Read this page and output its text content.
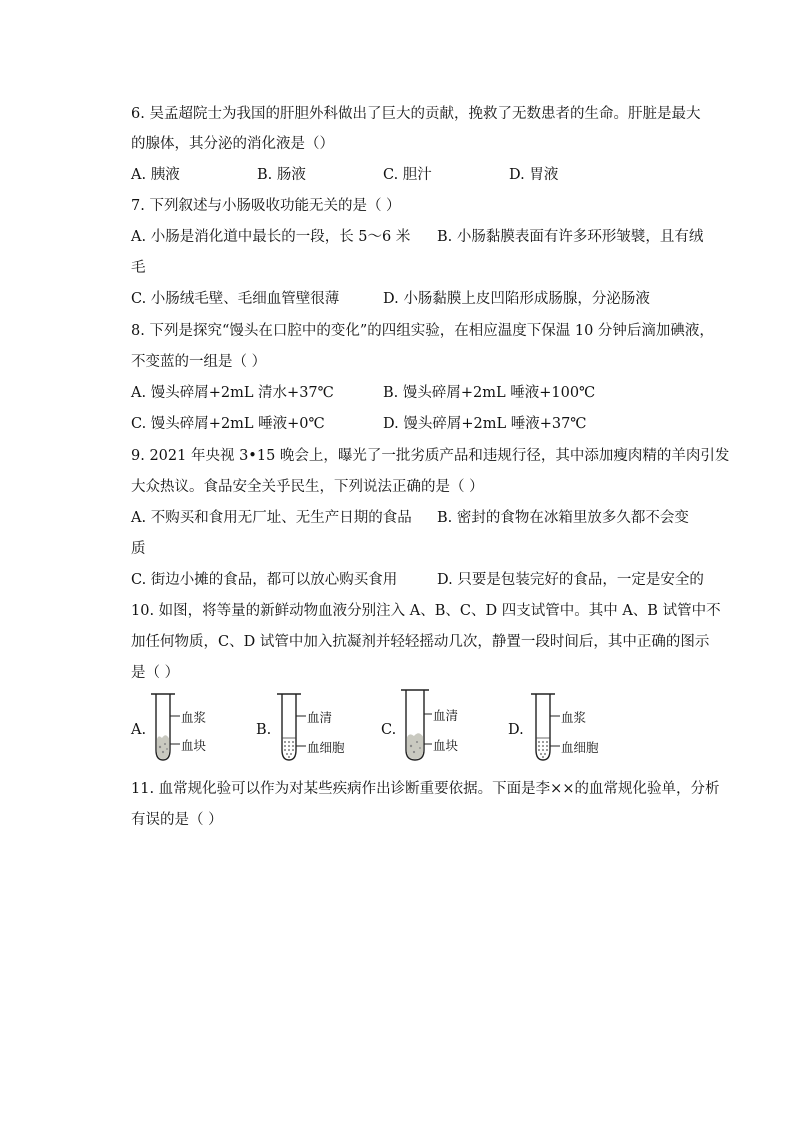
6. 吴孟超院士为我国的肝胆外科做出了巨大的贡献，挽救了无数患者的生命。肝脏是最大
的腺体，其分泌的消化液是（）
A. 胰液	B. 肠液	C. 胆汁	D. 胃液
7. 下列叙述与小肠吸收功能无关的是（ ）
A. 小肠是消化道中最长的一段，长 5～6 米 B. 小肠黏膜表面有许多环形皱襞，且有绒
毛
C. 小肠绒毛壁、毛细血管壁很薄	D. 小肠黏膜上皮凹陷形成肠腺，分泌肠液
8. 下列是探究“馒头在口腔中的变化”的四组实验，在相应温度下保温 10 分钟后滴加碘液，
不变蓝的一组是（ ）
A. 馒头碎屑+2mL 清水+37℃	B. 馒头碎屑+2mL 唾液+100℃
C. 馒头碎屑+2mL 唾液+0℃	D. 馒头碎屑+2mL 唾液+37℃
9. 2021 年央视 3•15 晚会上，曝光了一批劣质产品和违规行径，其中添加瘦肉精的羊肉引发
大众热议。食品安全关乎民生，下列说法正确的是（ ）
A. 不购买和食用无厂址、无生产日期的食品 B. 密封的食物在冰箱里放多久都不会变
质
C. 街边小摊的食品，都可以放心购买食用	D. 只要是包装完好的食品，一定是安全的
10. 如图，将等量的新鲜动物血液分别注入 A、B、C、D 四支试管中。其中 A、B 试管中不
加任何物质，C、D 试管中加入抗凝剂并轻轻摇动几次，静置一段时间后，其中正确的图示
是（ ）
A.
血浆
血块
B.
血清
血细胞
C.
血清
血块
D.
血浆
血细胞
11. 血常规化验可以作为对某些疾病作出诊断重要依据。下面是李××的血常规化验单，分析
有误的是（ ）
